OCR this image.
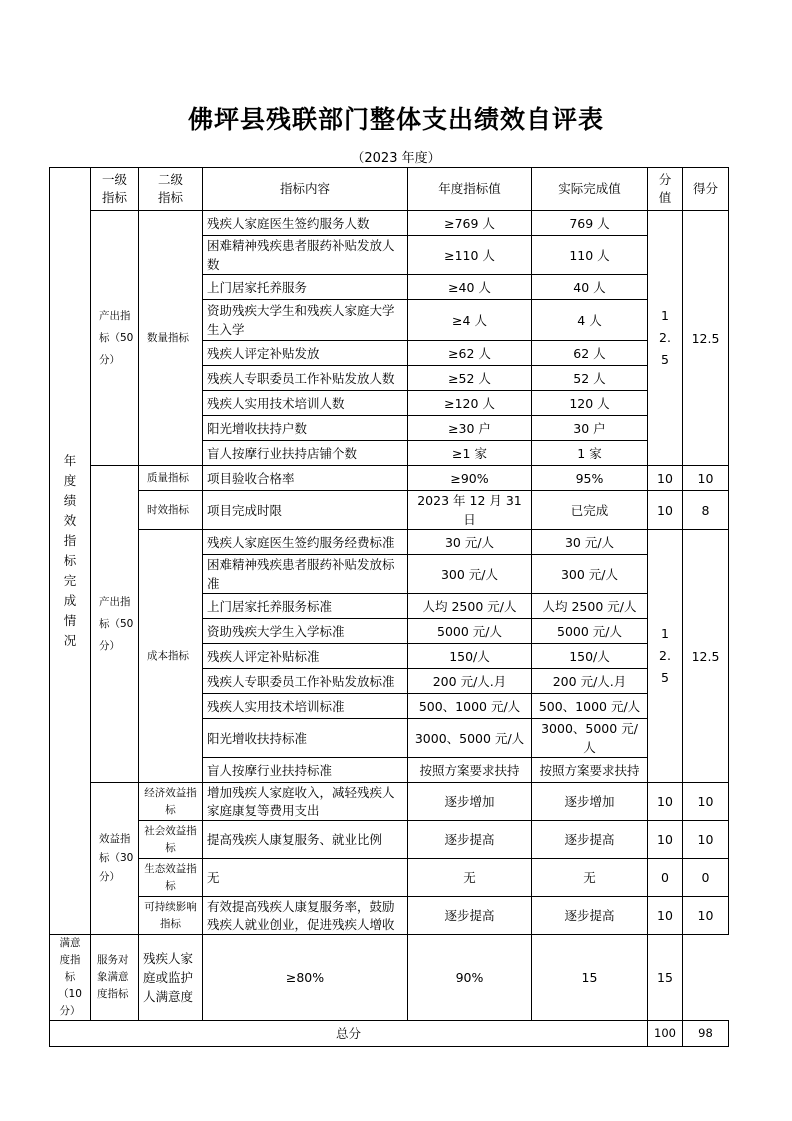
佛坪县残联部门整体支出绩效自评表
（2023 年度）
年度绩效指标完成情况	一级指标	二级指标	指标内容	年度指标值	实际完成值	分值	得分
	产出指标（50分）	数量指标	残疾人家庭医生签约服务人数	≥769 人	769 人	12.5	12.5
			困难精神残疾患者服药补贴发放人数	≥110 人	110 人		
			上门居家托养服务	≥40 人	40 人		
			资助残疾大学生和残疾人家庭大学生入学	≥4 人	4 人		
			残疾人评定补贴发放	≥62 人	62 人		
			残疾人专职委员工作补贴发放人数	≥52 人	52 人		
			残疾人实用技术培训人数	≥120 人	120 人		
			阳光增收扶持户数	≥30 户	30 户		
			盲人按摩行业扶持店铺个数	≥1 家	1 家		
	产出指标（50分）	质量指标	项目验收合格率	≥90%	95%	10	10
		时效指标	项目完成时限	2023 年 12 月 31 日	已完成	10	8
		成本指标	残疾人家庭医生签约服务经费标准	30 元/人	30 元/人	12.5	12.5
			困难精神残疾患者服药补贴发放标准	300 元/人	300 元/人		
			上门居家托养服务标准	人均 2500 元/人	人均 2500 元/人		
			资助残疾大学生入学标准	5000 元/人	5000 元/人		
			残疾人评定补贴标准	150/人	150/人		
			残疾人专职委员工作补贴发放标准	200 元/人.月	200 元/人.月		
			残疾人实用技术培训标准	500、1000 元/人	500、1000 元/人		
			阳光增收扶持标准	3000、5000 元/人	3000、5000 元/人		
			盲人按摩行业扶持标准	按照方案要求扶持	按照方案要求扶持		
	效益指标（30分）	经济效益指标	增加残疾人家庭收入，减轻残疾人家庭康复等费用支出	逐步增加	逐步增加	10	10
		社会效益指标	提高残疾人康复服务、就业比例	逐步提高	逐步提高	10	10
		生态效益指标	无	无	无	0	0
		可持续影响指标	有效提高残疾人康复服务率，鼓励残疾人就业创业，促进残疾人增收	逐步提高	逐步提高	10	10
满意度指标（10分）	服务对象满意度指标	残疾人家庭或监护人满意度	≥80%	90%	15	15	
总分						100	98
